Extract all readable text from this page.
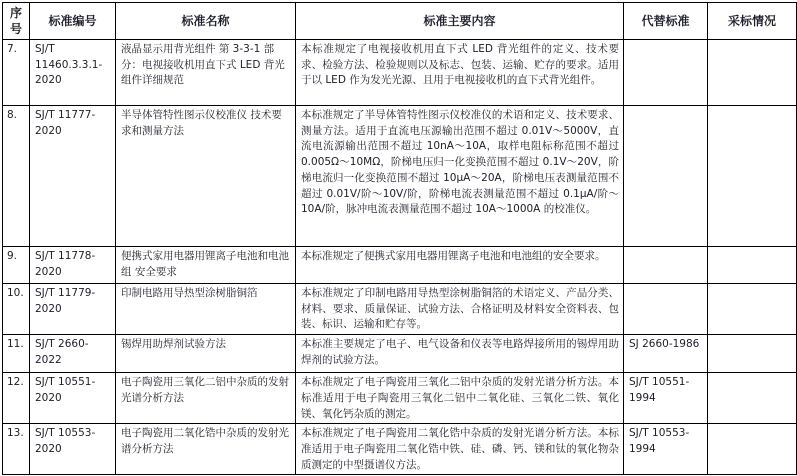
序号	标准编号	标准名称	标准主要内容	代替标准	采标情况
7.	SJ/T 11460.3.3.1-2020	液晶显示用背光组件 第 3-3-1 部分：电视接收机用直下式 LED 背光组件详细规范	本标准规定了电视接收机用直下式 LED 背光组件的定义、技术要求、检验方法、检验规则以及标志、包装、运输、贮存的要求。适用于以 LED 作为发光光源、且用于电视接收机的直下式背光组件。		
8.	SJ/T 11777-2020	半导体管特性图示仪校准仪 技术要求和测量方法	本标准规定了半导体管特性图示仪校准仪的术语和定义、技术要求、测量方法。适用于直流电压源输出范围不超过 0.01V～5000V，直流电流源输出范围不超过 10nA～10A，取样电阻标称范围不超过 0.005Ω～10MΩ，阶梯电压归一化变换范围不超过 0.1V～20V，阶梯电流归一化变换范围不超过 10μA～20A，阶梯电压表测量范围不超过 0.01V/阶～10V/阶，阶梯电流表测量范围不超过 0.1μA/阶～10A/阶，脉冲电流表测量范围不超过 10A～1000A 的校准仪。		
9.	SJ/T 11778-2020	便携式家用电器用锂离子电池和电池组 安全要求	本标准规定了便携式家用电器用锂离子电池和电池组的安全要求。		
10.	SJ/T 11779-2020	印制电路用导热型涂树脂铜箔	本标准规定了印制电路用导热型涂树脂铜箔的术语定义、产品分类、材料、要求、质量保证、试验方法、合格证明及材料安全资料表、包装、标识、运输和贮存等。		
11.	SJ/T 2660-2022	锡焊用助焊剂试验方法	本标准主要规定了电子、电气设备和仪表等电路焊接所用的锡焊用助焊剂的试验方法。	SJ 2660-1986	
12.	SJ/T 10551-2020	电子陶瓷用三氧化二铝中杂质的发射光谱分析方法	本标准规定了电子陶瓷用三氧化二铝中杂质的发射光谱分析方法。本标准适用于电子陶瓷用三氧化二铝中二氧化硅、三氧化二铁、氧化镁、氧化钙杂质的测定。	SJ/T 10551-1994	
13.	SJ/T 10553-2020	电子陶瓷用二氧化锆中杂质的发射光谱分析方法	本标准规定了电子陶瓷用二氧化锆中杂质的发射光谱分析方法。本标准适用于电子陶瓷用二氧化锆中铁、硅、磷、钙、镁和钛的氧化物杂质测定的中型摄谱仪方法。	SJ/T 10553-1994	
